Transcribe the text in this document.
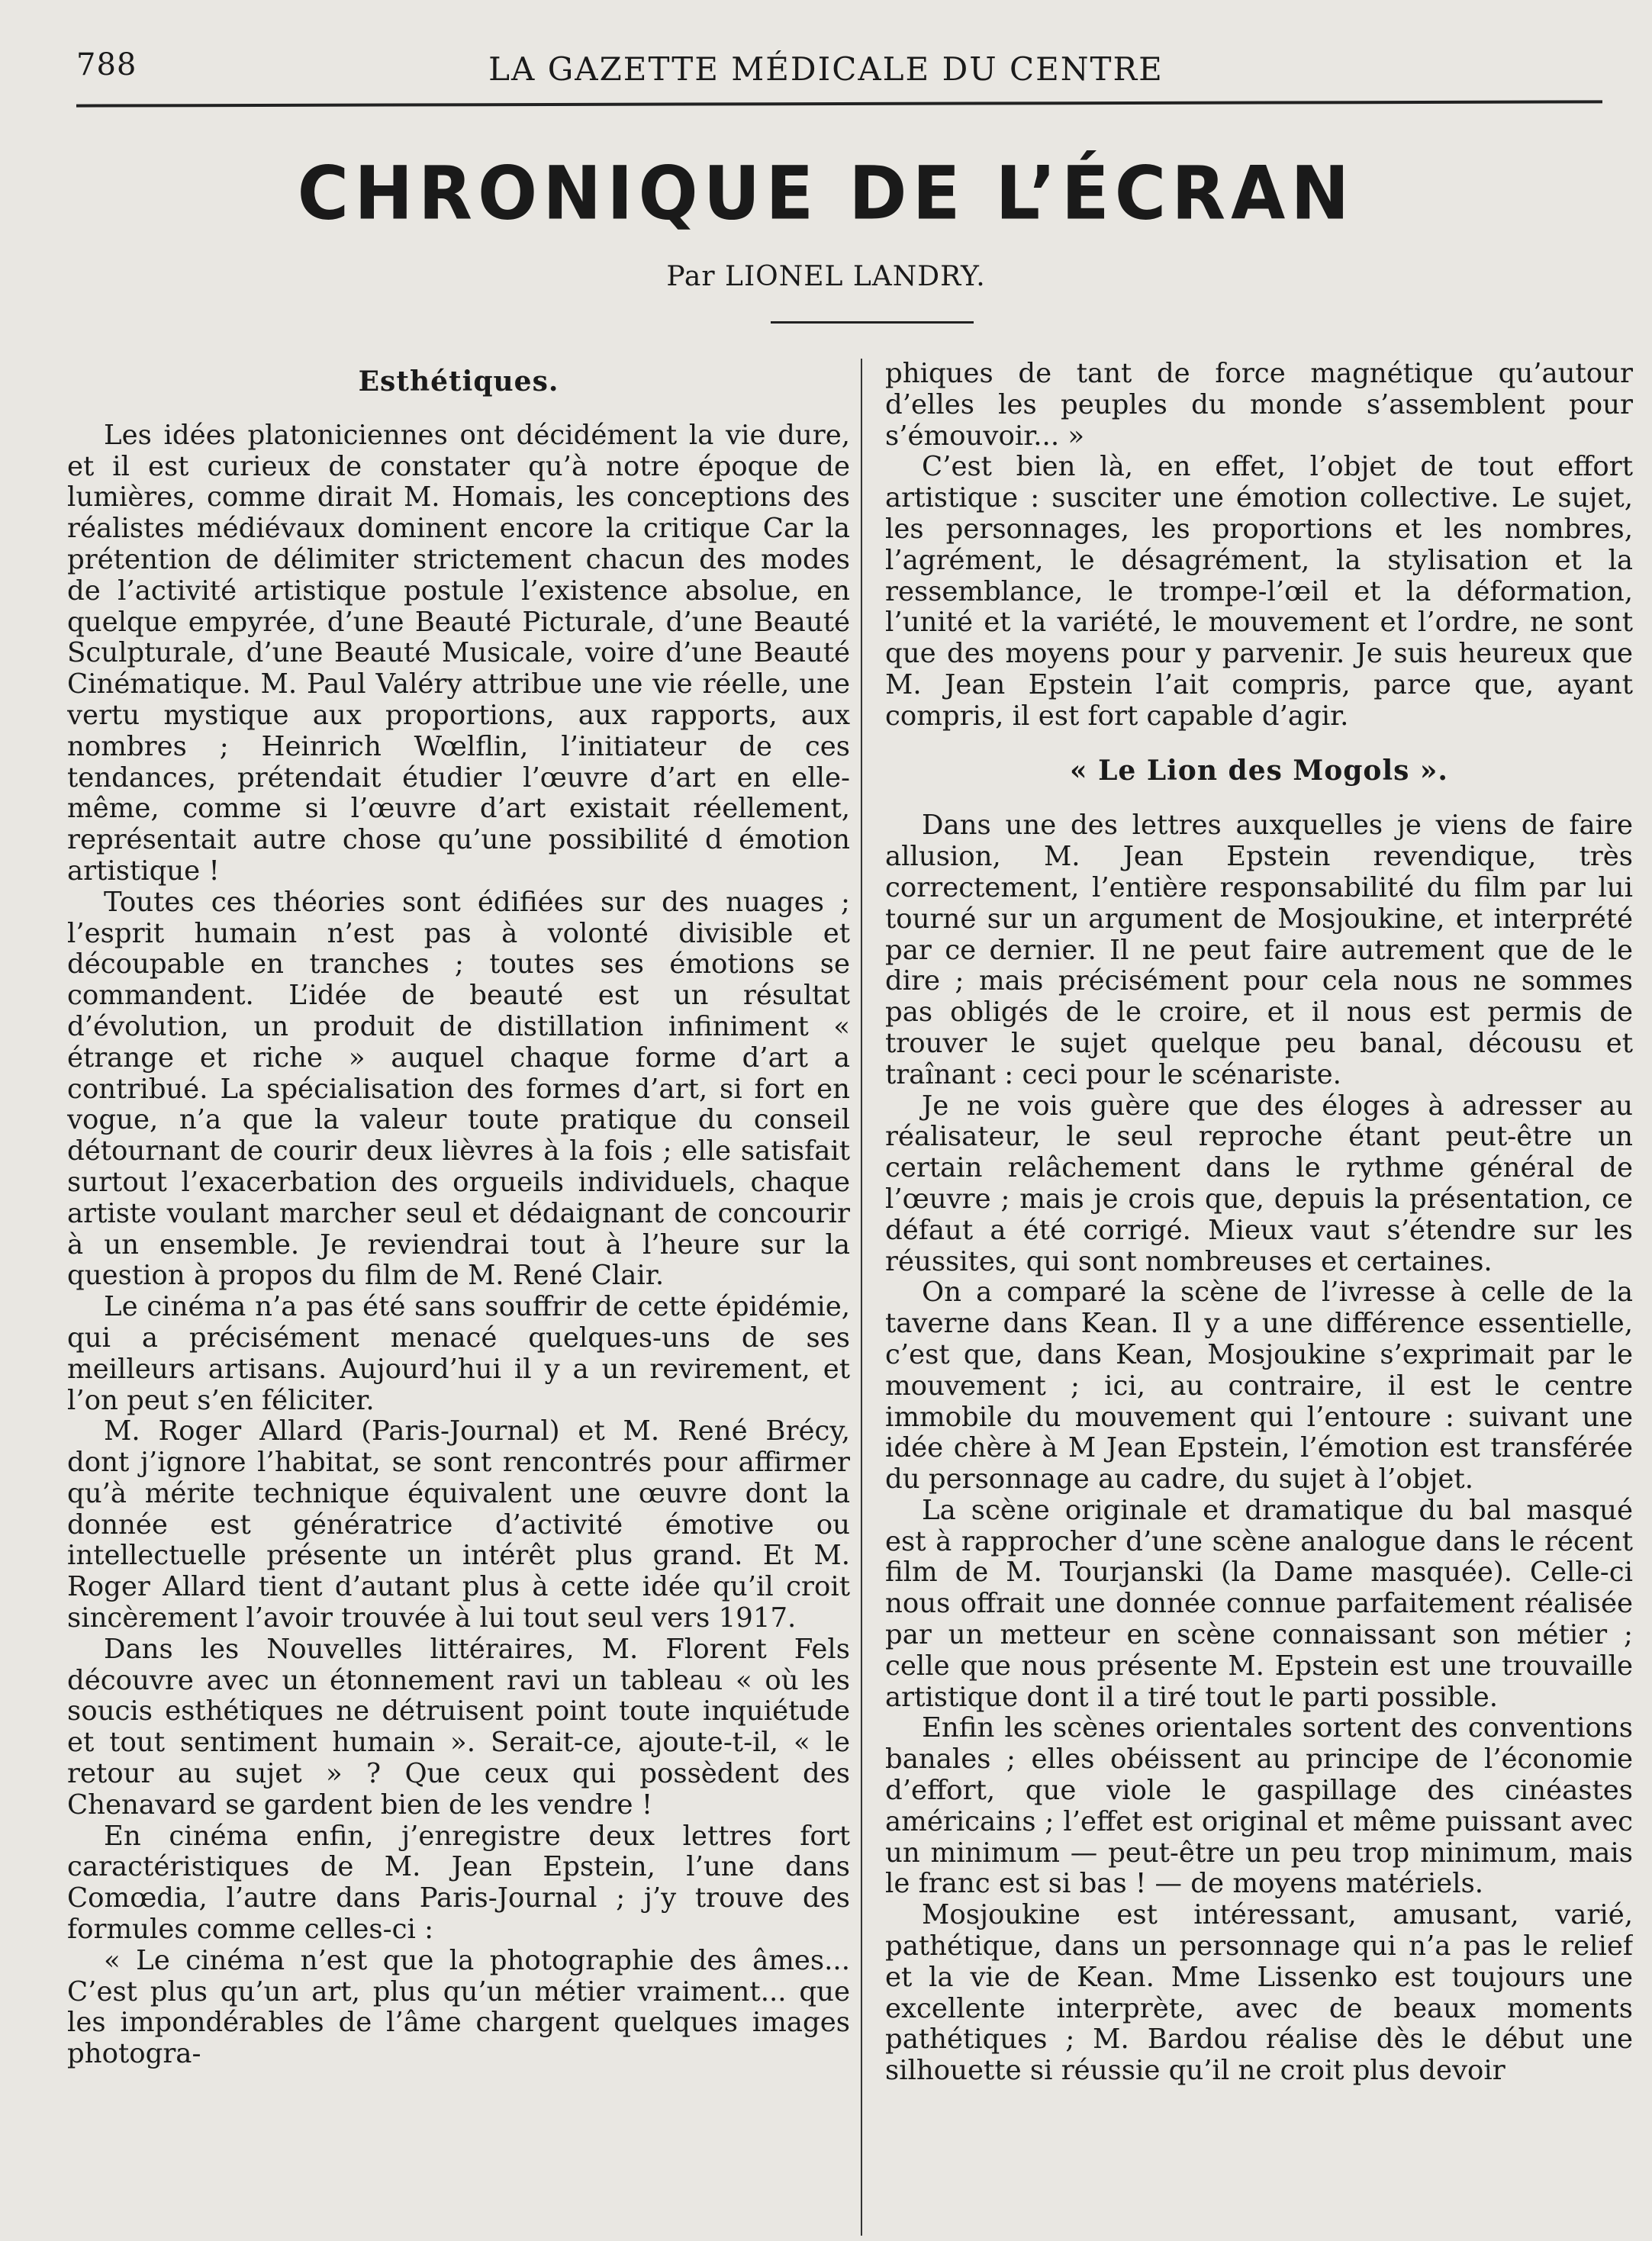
788	LA GAZETTE MÉDICALE DU CENTRE
CHRONIQUE DE L’ÉCRAN
Par LIONEL LANDRY.
Esthétiques.

Les idées platoniciennes ont décidément la vie dure, et il est curieux de constater qu’à notre époque de lumières, comme dirait M. Homais, les conceptions des réalistes médiévaux dominent encore la critique Car la prétention de délimiter strictement chacun des modes de l’activité artistique postule l’existence absolue, en quelque empyrée, d’une Beauté Picturale, d’une Beauté Sculpturale, d’une Beauté Musicale, voire d’une Beauté Cinématique. M. Paul Valéry attribue une vie réelle, une vertu mystique aux proportions, aux rapports, aux nombres ; Heinrich Wœlflin, l’initiateur de ces tendances, prétendait étudier l’œuvre d’art en elle-même, comme si l’œuvre d’art existait réellement, représentait autre chose qu’une possibilité d émotion artistique !

Toutes ces théories sont édifiées sur des nuages ; l’esprit humain n’est pas à volonté divisible et découpable en tranches ; toutes ses émotions se commandent. L’idée de beauté est un résultat d’évolution, un produit de distillation infiniment « étrange et riche » auquel chaque forme d’art a contribué. La spécialisation des formes d’art, si fort en vogue, n’a que la valeur toute pratique du conseil détournant de courir deux lièvres à la fois ; elle satisfait surtout l’exacerbation des orgueils individuels, chaque artiste voulant marcher seul et dédaignant de concourir à un ensemble. Je reviendrai tout à l’heure sur la question à propos du film de M. René Clair.

Le cinéma n’a pas été sans souffrir de cette épidémie, qui a précisément menacé quelques-uns de ses meilleurs artisans. Aujourd’hui il y a un revirement, et l’on peut s’en féliciter.

M. Roger Allard (Paris-Journal) et M. René Brécy, dont j’ignore l’habitat, se sont rencontrés pour affirmer qu’à mérite technique équivalent une œuvre dont la donnée est génératrice d’activité émotive ou intellectuelle présente un intérêt plus grand. Et M. Roger Allard tient d’autant plus à cette idée qu’il croit sincèrement l’avoir trouvée à lui tout seul vers 1917.

Dans les Nouvelles littéraires, M. Florent Fels découvre avec un étonnement ravi un tableau « où les soucis esthétiques ne détruisent point toute inquiétude et tout sentiment humain ». Serait-ce, ajoute-t-il, « le retour au sujet » ? Que ceux qui possèdent des Chenavard se gardent bien de les vendre !

En cinéma enfin, j’enregistre deux lettres fort caractéristiques de M. Jean Epstein, l’une dans Comœdia, l’autre dans Paris-Journal ; j’y trouve des formules comme celles-ci :

« Le cinéma n’est que la photographie des âmes... C’est plus qu’un art, plus qu’un métier vraiment... que les impondérables de l’âme chargent quelques images photogra-

phiques de tant de force magnétique qu’autour d’elles les peuples du monde s’assemblent pour s’émouvoir... »

C’est bien là, en effet, l’objet de tout effort artistique : susciter une émotion collective. Le sujet, les personnages, les proportions et les nombres, l’agrément, le désagrément, la stylisation et la ressemblance, le trompe-l’œil et la déformation, l’unité et la variété, le mouvement et l’ordre, ne sont que des moyens pour y parvenir. Je suis heureux que M. Jean Epstein l’ait compris, parce que, ayant compris, il est fort capable d’agir.

« Le Lion des Mogols ».

Dans une des lettres auxquelles je viens de faire allusion, M. Jean Epstein revendique, très correctement, l’entière responsabilité du film par lui tourné sur un argument de Mosjoukine, et interprété par ce dernier. Il ne peut faire autrement que de le dire ; mais précisément pour cela nous ne sommes pas obligés de le croire, et il nous est permis de trouver le sujet quelque peu banal, décousu et traînant : ceci pour le scénariste.

Je ne vois guère que des éloges à adresser au réalisateur, le seul reproche étant peut-être un certain relâchement dans le rythme général de l’œuvre ; mais je crois que, depuis la présentation, ce défaut a été corrigé. Mieux vaut s’étendre sur les réussites, qui sont nombreuses et certaines.

On a comparé la scène de l’ivresse à celle de la taverne dans Kean. Il y a une différence essentielle, c’est que, dans Kean, Mosjoukine s’exprimait par le mouvement ; ici, au contraire, il est le centre immobile du mouvement qui l’entoure : suivant une idée chère à M Jean Epstein, l’émotion est transférée du personnage au cadre, du sujet à l’objet.

La scène originale et dramatique du bal masqué est à rapprocher d’une scène analogue dans le récent film de M. Tourjanski (la Dame masquée). Celle-ci nous offrait une donnée connue parfaitement réalisée par un metteur en scène connaissant son métier ; celle que nous présente M. Epstein est une trouvaille artistique dont il a tiré tout le parti possible.

Enfin les scènes orientales sortent des conventions banales ; elles obéissent au principe de l’économie d’effort, que viole le gaspillage des cinéastes américains ; l’effet est original et même puissant avec un minimum — peut-être un peu trop minimum, mais le franc est si bas ! — de moyens matériels.

Mosjoukine est intéressant, amusant, varié, pathétique, dans un personnage qui n’a pas le relief et la vie de Kean. Mme Lissenko est toujours une excellente interprète, avec de beaux moments pathétiques ; M. Bardou réalise dès le début une silhouette si réussie qu’il ne croit plus devoir
